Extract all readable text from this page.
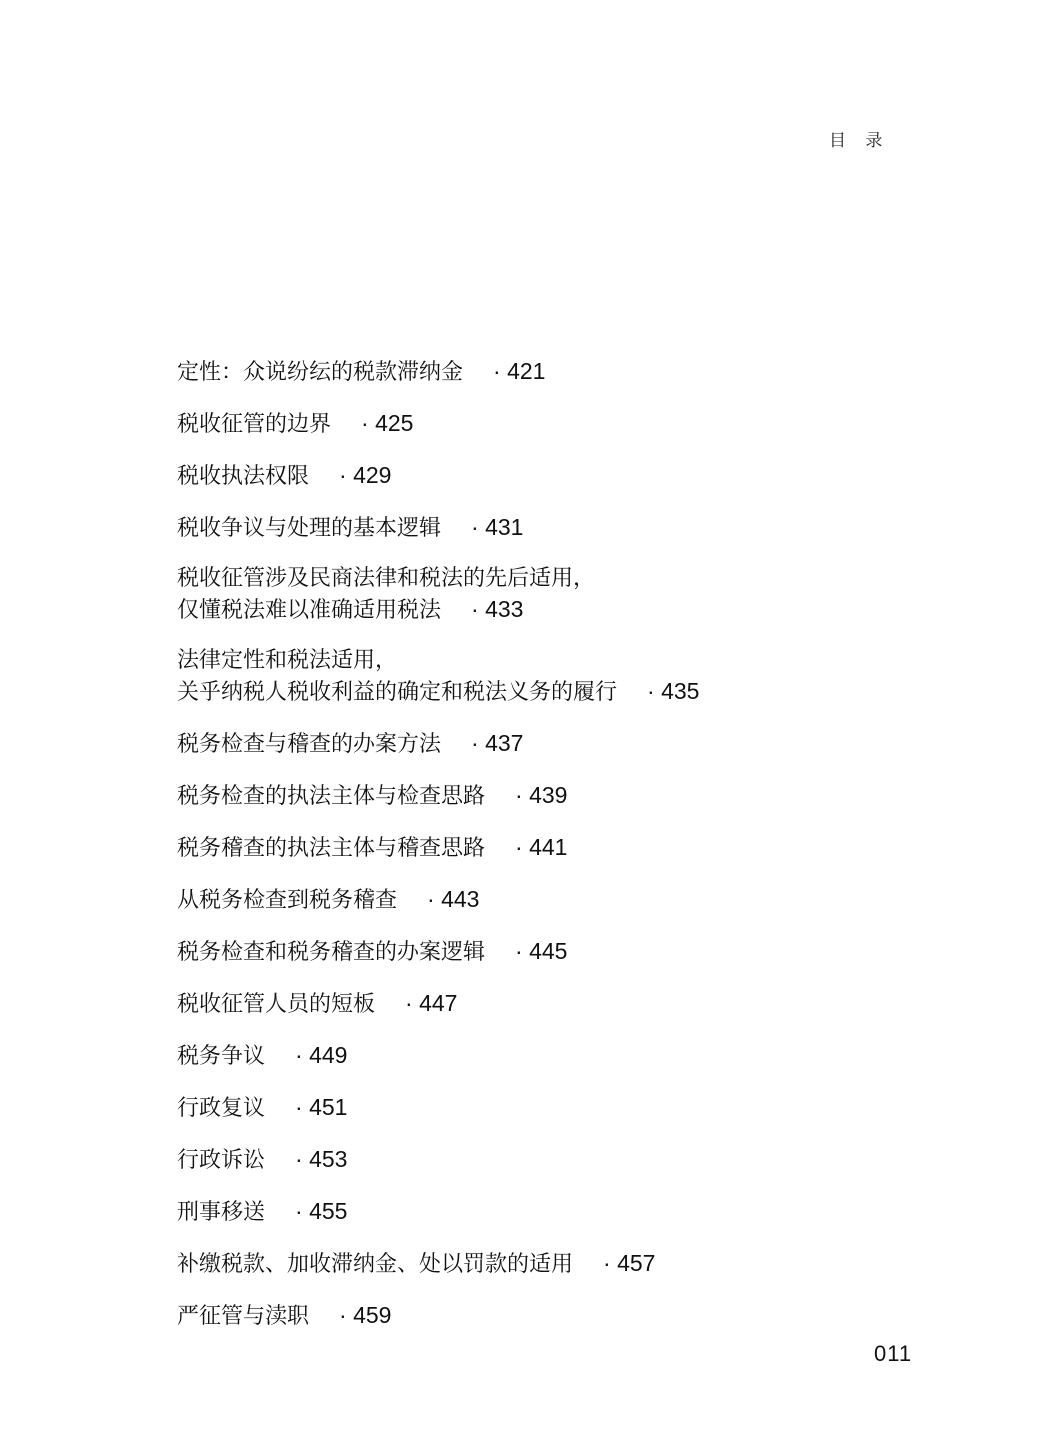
目 录
定性：众说纷纭的税款滞纳金 · 421
税收征管的边界 · 425
税收执法权限 · 429
税收争议与处理的基本逻辑 · 431
税收征管涉及民商法律和税法的先后适用，
仅懂税法难以准确适用税法 · 433
法律定性和税法适用，
关乎纳税人税收利益的确定和税法义务的履行 · 435
税务检查与稽查的办案方法 · 437
税务检查的执法主体与检查思路 · 439
税务稽查的执法主体与稽查思路 · 441
从税务检查到税务稽查 · 443
税务检查和税务稽查的办案逻辑 · 445
税收征管人员的短板 · 447
税务争议 · 449
行政复议 · 451
行政诉讼 · 453
刑事移送 · 455
补缴税款、加收滞纳金、处以罚款的适用 · 457
严征管与渎职 · 459
011
